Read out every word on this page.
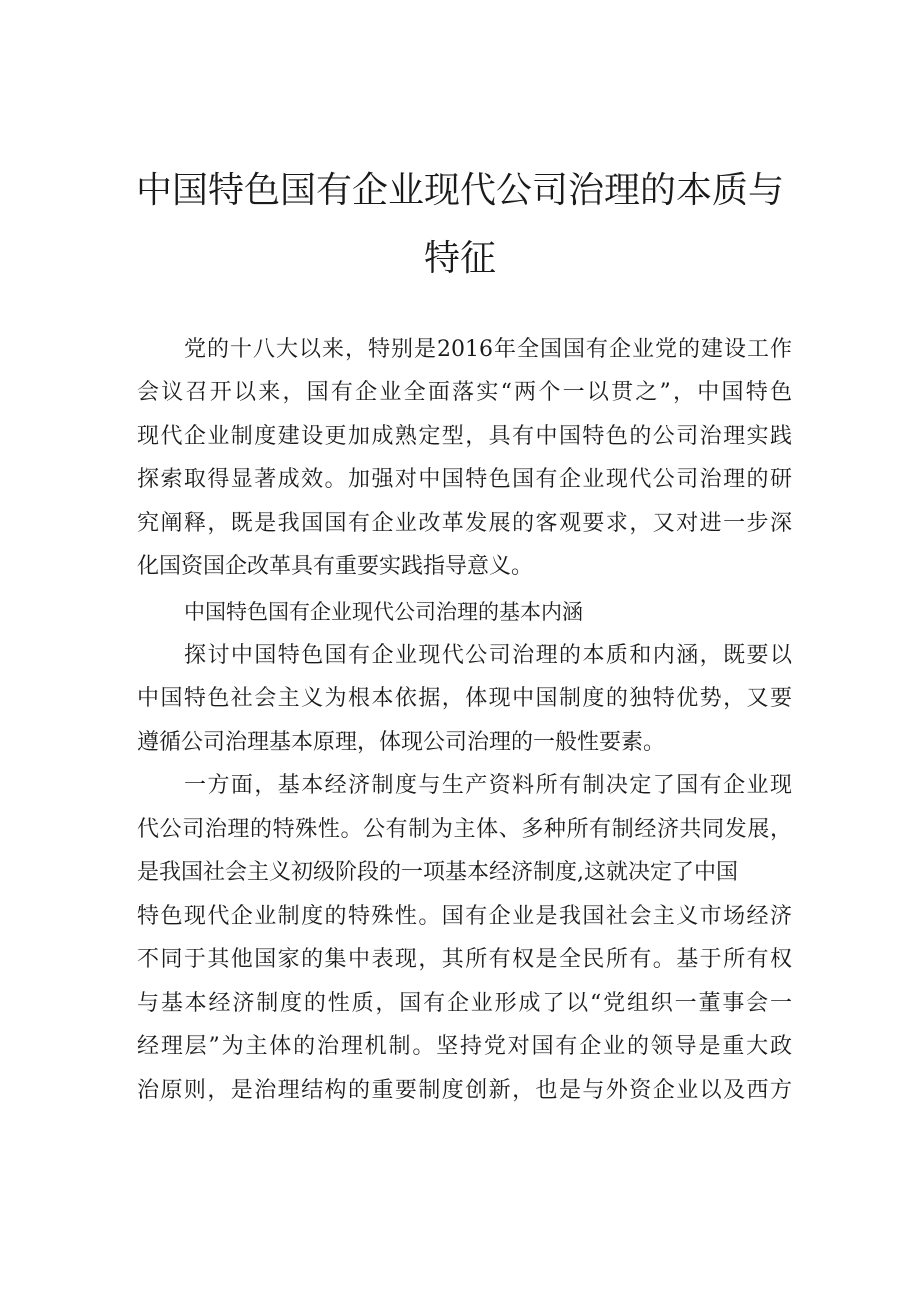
中国特色国有企业现代公司治理的本质与
特征
党的十八大以来，特别是2016年全国国有企业党的建设工作
会议召开以来，国有企业全面落实“两个一以贯之”，中国特色
现代企业制度建设更加成熟定型，具有中国特色的公司治理实践
探索取得显著成效。加强对中国特色国有企业现代公司治理的研
究阐释，既是我国国有企业改革发展的客观要求，又对进一步深
化国资国企改革具有重要实践指导意义。
中国特色国有企业现代公司治理的基本内涵
探讨中国特色国有企业现代公司治理的本质和内涵，既要以
中国特色社会主义为根本依据，体现中国制度的独特优势，又要
遵循公司治理基本原理，体现公司治理的一般性要素。
一方面，基本经济制度与生产资料所有制决定了国有企业现
代公司治理的特殊性。公有制为主体、多种所有制经济共同发展，
是我国社会主义初级阶段的一项基本经济制度,这就决定了中国
特色现代企业制度的特殊性。国有企业是我国社会主义市场经济
不同于其他国家的集中表现，其所有权是全民所有。基于所有权
与基本经济制度的性质，国有企业形成了以“党组织一董事会一
经理层”为主体的治理机制。坚持党对国有企业的领导是重大政
治原则，是治理结构的重要制度创新，也是与外资企业以及西方
